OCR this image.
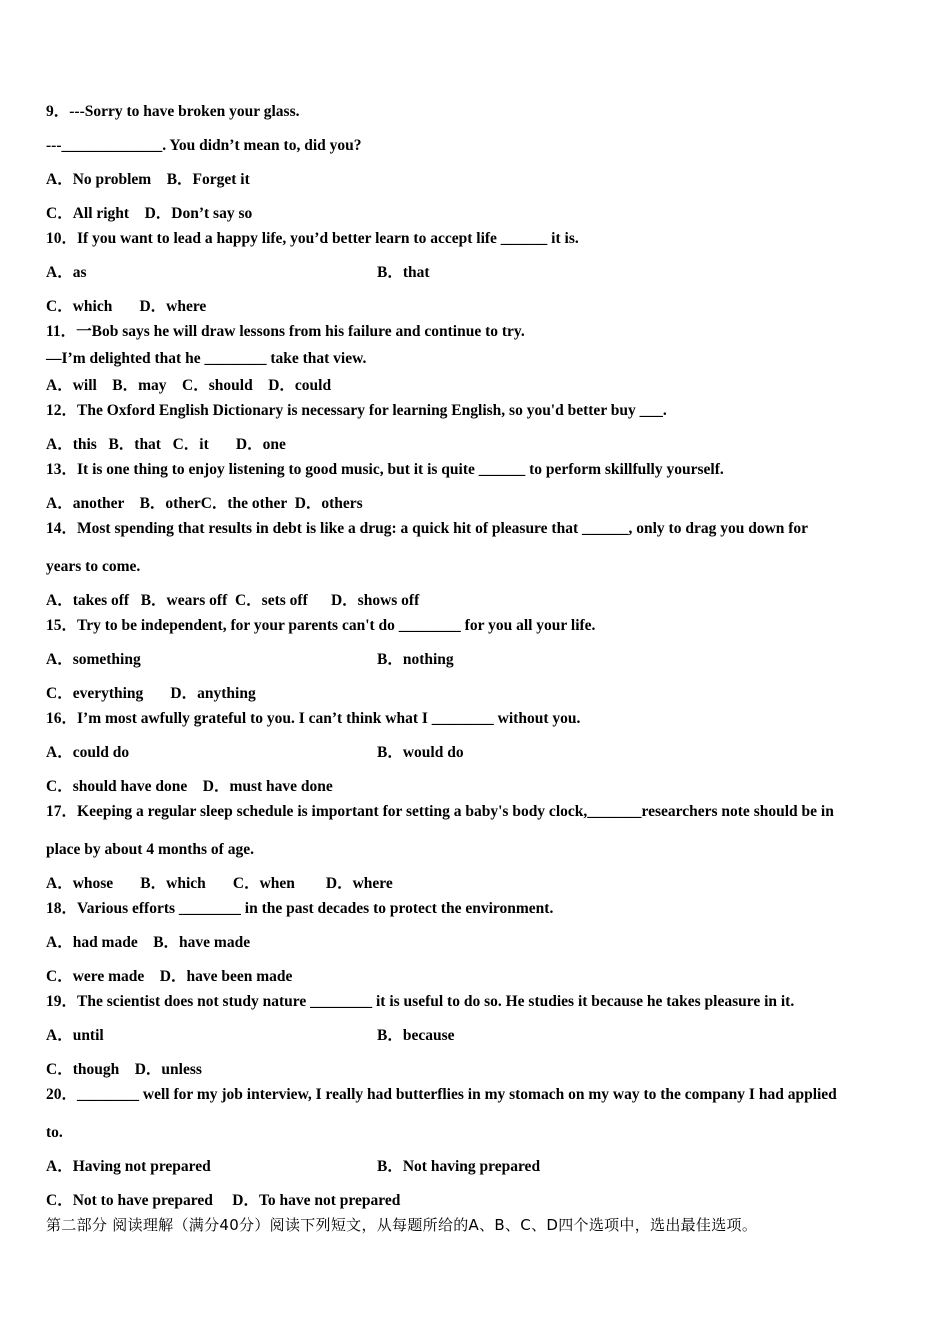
9．---Sorry to have broken your glass.
---_____________. You didn’t mean to, did you?
A．No problem    B．Forget it
C．All right    D．Don’t say so
10．If you want to lead a happy life, you’d better learn to accept life ______ it is.
A．as	B．that
C．which       D．where
11．一Bob says he will draw lessons from his failure and continue to try.
—I’m delighted that he ________ take that view.
A．will    B．may    C．should    D．could
12．The Oxford English Dictionary is necessary for learning English, so you'd better buy ___.
A．this   B．that   C．it       D．one
13．It is one thing to enjoy listening to good music, but it is quite ______ to perform skillfully yourself.
A．another    B．otherC．the other  D．others
14．Most spending that results in debt is like a drug: a quick hit of pleasure that ______, only to drag you down for
years to come.
A．takes off   B．wears off  C．sets off      D．shows off
15．Try to be independent, for your parents can't do ________ for you all your life.
A．something	B．nothing
C．everything       D．anything
16．I’m most awfully grateful to you. I can’t think what I ________ without you.
A．could do	B．would do
C．should have done    D．must have done
17．Keeping a regular sleep schedule is important for setting a baby's body clock,_______researchers note should be in
place by about 4 months of age.
A．whose       B．which       C．when        D．where
18．Various efforts ________ in the past decades to protect the environment.
A．had made    B．have made
C．were made    D．have been made
19．The scientist does not study nature ________ it is useful to do so. He studies it because he takes pleasure in it.
A．until	B．because
C．though    D．unless
20．________ well for my job interview, I really had butterflies in my stomach on my way to the company I had applied
to.
A．Having not prepared	B．Not having prepared
C．Not to have prepared     D．To have not prepared
第二部分 阅读理解（满分40分）阅读下列短文，从每题所给的A、B、C、D四个选项中，选出最佳选项。
